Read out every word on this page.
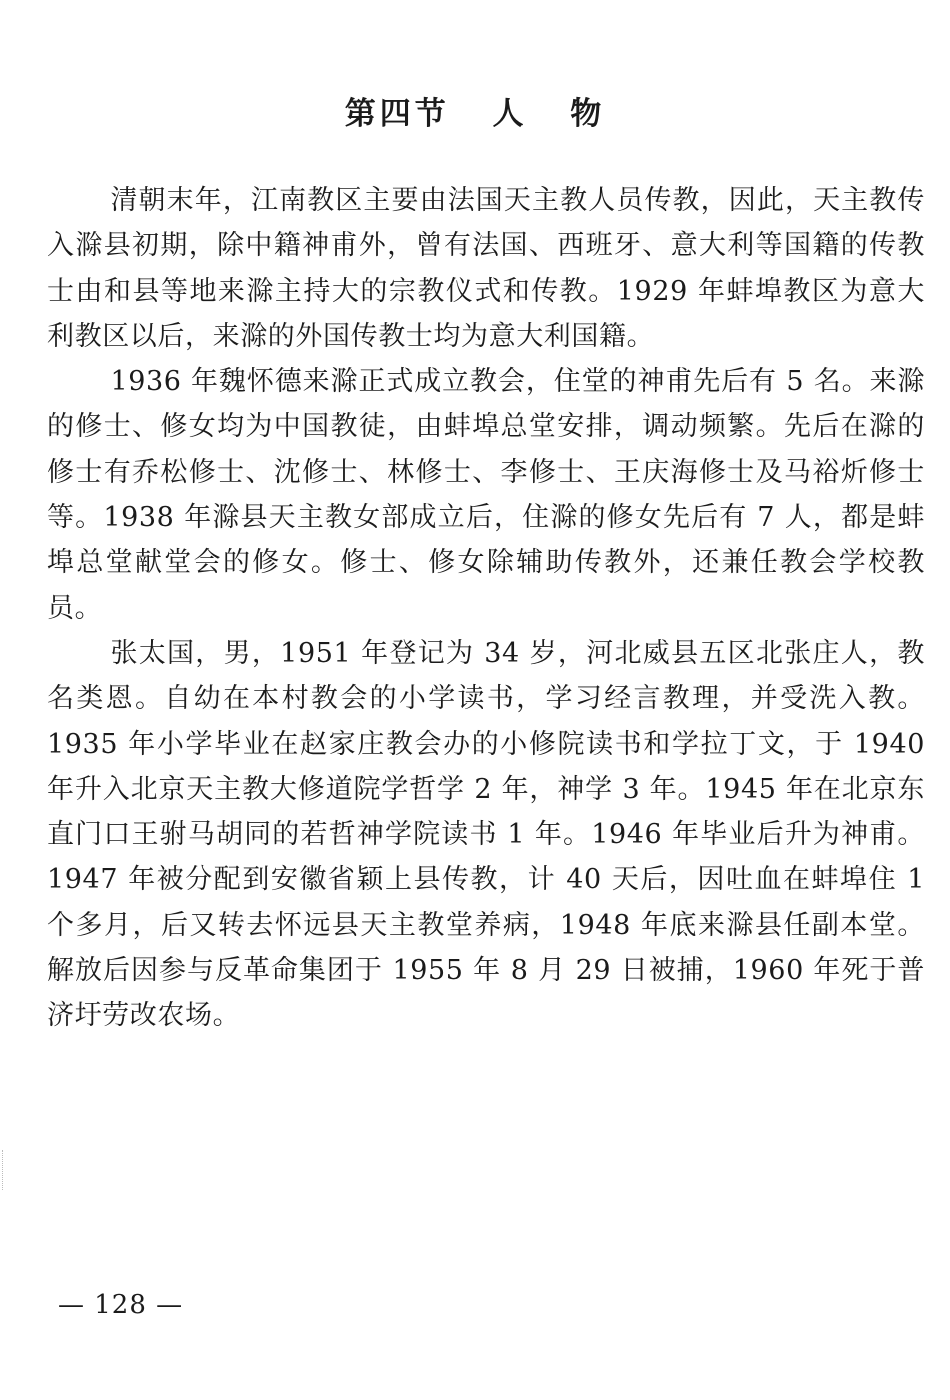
第四节 人 物

清朝末年，江南教区主要由法国天主教人员传教，因此，天主教传入滁县初期，除中籍神甫外，曾有法国、西班牙、意大利等国籍的传教士由和县等地来滁主持大的宗教仪式和传教。1929 年蚌埠教区为意大利教区以后，来滁的外国传教士均为意大利国籍。

1936 年魏怀德来滁正式成立教会，住堂的神甫先后有 5 名。来滁的修士、修女均为中国教徒，由蚌埠总堂安排，调动频繁。先后在滁的修士有乔松修士、沈修士、林修士、李修士、王庆海修士及马裕炘修士等。1938 年滁县天主教女部成立后，住滁的修女先后有 7 人，都是蚌埠总堂献堂会的修女。修士、修女除辅助传教外，还兼任教会学校教员。

张太国，男，1951 年登记为 34 岁，河北威县五区北张庄人，教名类恩。自幼在本村教会的小学读书，学习经言教理，并受洗入教。1935 年小学毕业在赵家庄教会办的小修院读书和学拉丁文，于 1940 年升入北京天主教大修道院学哲学 2 年，神学 3 年。1945 年在北京东直门口王驸马胡同的若哲神学院读书 1 年。1946 年毕业后升为神甫。1947 年被分配到安徽省颖上县传教，计 40 天后，因吐血在蚌埠住 1 个多月，后又转去怀远县天主教堂养病，1948 年底来滁县任副本堂。解放后因参与反革命集团于 1955 年 8 月 29 日被捕，1960 年死于普济圩劳改农场。

— 128 —
